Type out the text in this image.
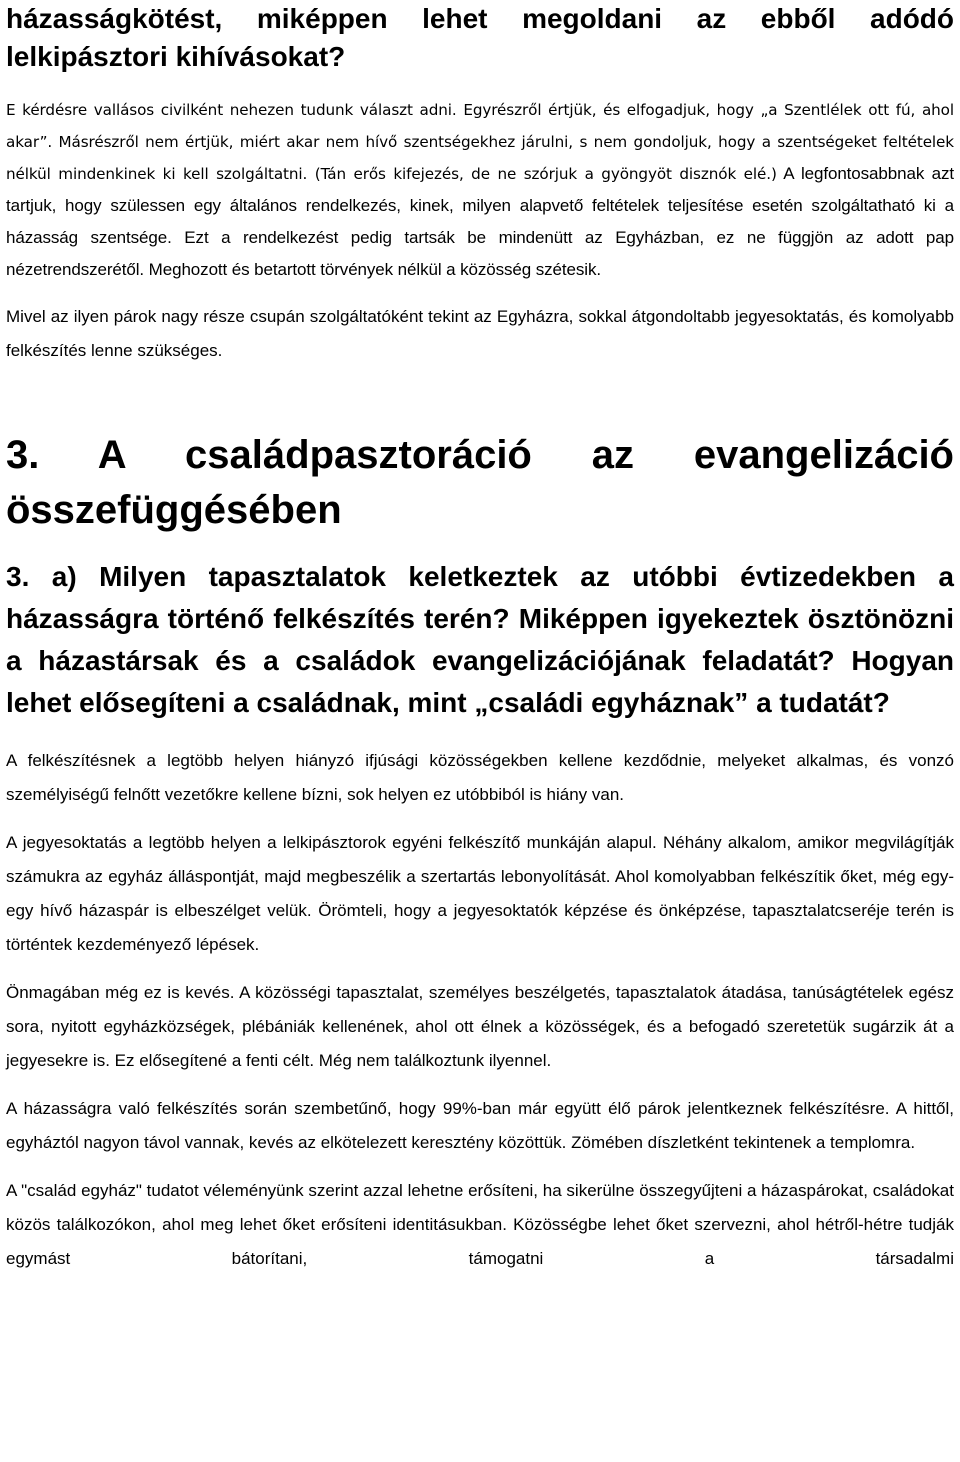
házasságkötést, miképpen lehet megoldani az ebből adódó lelkipásztori kihívásokat?

E kérdésre vallásos civilként nehezen tudunk választ adni. Egyrészről értjük, és elfogadjuk, hogy „a Szentlélek ott fú, ahol akar”. Másrészről nem értjük, miért akar nem hívő szentségekhez járulni, s nem gondoljuk, hogy a szentségeket feltételek nélkül mindenkinek ki kell szolgáltatni. (Tán erős kifejezés, de ne szórjuk a gyöngyöt disznók elé.) A legfontosabbnak azt tartjuk, hogy szülessen egy általános rendelkezés, kinek, milyen alapvető feltételek teljesítése esetén szolgáltatható ki a házasság szentsége. Ezt a rendelkezést pedig tartsák be mindenütt az Egyházban, ez ne függjön az adott pap nézetrendszerétől. Meghozott és betartott törvények nélkül a közösség szétesik.

Mivel az ilyen párok nagy része csupán szolgáltatóként tekint az Egyházra, sokkal átgondoltabb jegyesoktatás, és komolyabb felkészítés lenne szükséges.

3. A családpasztoráció az evangelizáció összefüggésében
3. a) Milyen tapasztalatok keletkeztek az utóbbi évtizedekben a házasságra történő felkészítés terén? Miképpen igyekeztek ösztönözni a házastársak és a családok evangelizációjának feladatát? Hogyan lehet elősegíteni a családnak, mint „családi egyháznak” a tudatát?

A felkészítésnek a legtöbb helyen hiányzó ifjúsági közösségekben kellene kezdődnie, melyeket alkalmas, és vonzó személyiségű felnőtt vezetőkre kellene bízni, sok helyen ez utóbbiból is hiány van.

A jegyesoktatás a legtöbb helyen a lelkipásztorok egyéni felkészítő munkáján alapul. Néhány alkalom, amikor megvilágítják számukra az egyház álláspontját, majd megbeszélik a szertartás lebonyolítását. Ahol komolyabban felkészítik őket, még egy-egy hívő házaspár is elbeszélget velük. Örömteli, hogy a jegyesoktatók képzése és önképzése, tapasztalatcseréje terén is történtek kezdeményező lépések.

Önmagában még ez is kevés. A közösségi tapasztalat, személyes beszélgetés, tapasztalatok átadása, tanúságtételek egész sora, nyitott egyházközségek, plébániák kellenének, ahol ott élnek a közösségek, és a befogadó szeretetük sugárzik át a jegyesekre is. Ez elősegítené a fenti célt. Még nem találkoztunk ilyennel.

A házasságra való felkészítés során szembetűnő, hogy 99%-ban már együtt élő párok jelentkeznek felkészítésre. A hittől, egyháztól nagyon távol vannak, kevés az elkötelezett keresztény közöttük. Zömében díszletként tekintenek a templomra.

A "család egyház" tudatot véleményünk szerint azzal lehetne erősíteni, ha sikerülne összegyűjteni a házaspárokat, családokat közös találkozókon, ahol meg lehet őket erősíteni identitásukban. Közösségbe lehet őket szervezni, ahol hétről-hétre tudják egymást bátorítani, támogatni a társadalmi
